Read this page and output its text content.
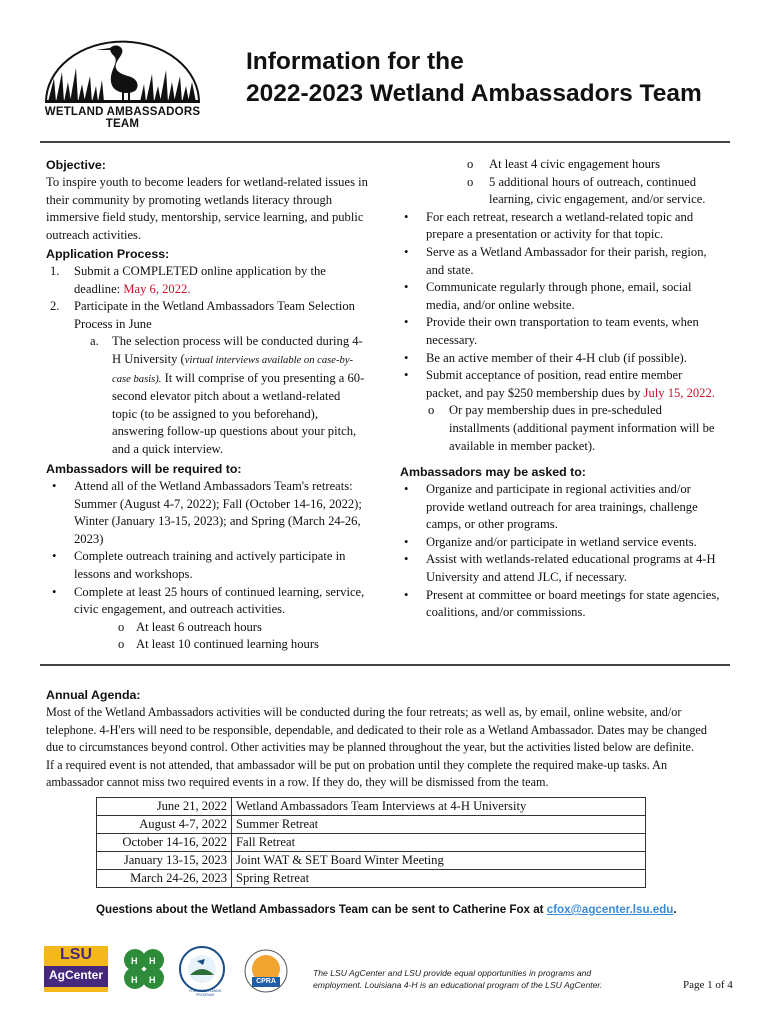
WETLAND AMBASSADORS TEAM
Information for the
2022-2023 Wetland Ambassadors Team
Objective:
To inspire youth to become leaders for wetland-related issues in
their community by promoting wetlands literacy through
immersive field study, mentorship, service learning, and public
outreach activities.
Application Process:
1. Submit a COMPLETED online application by the
deadline: May 6, 2022.
2. Participate in the Wetland Ambassadors Team Selection
Process in June
a. The selection process will be conducted during 4-
H University (virtual interviews available on case-by-
case basis). It will comprise of you presenting a 60-
second elevator pitch about a wetland-related
topic (to be assigned to you beforehand),
answering follow-up questions about your pitch,
and a quick interview.
Ambassadors will be required to:
• Attend all of the Wetland Ambassadors Team's retreats:
Summer (August 4-7, 2022); Fall (October 14-16, 2022);
Winter (January 13-15, 2023); and Spring (March 24-26,
2023)
• Complete outreach training and actively participate in
lessons and workshops.
• Complete at least 25 hours of continued learning, service,
civic engagement, and outreach activities.
o At least 6 outreach hours
o At least 10 continued learning hours
o At least 4 civic engagement hours
o 5 additional hours of outreach, continued
learning, civic engagement, and/or service.
• For each retreat, research a wetland-related topic and
prepare a presentation or activity for that topic.
• Serve as a Wetland Ambassador for their parish, region,
and state.
• Communicate regularly through phone, email, social
media, and/or online website.
• Provide their own transportation to team events, when
necessary.
• Be an active member of their 4-H club (if possible).
• Submit acceptance of position, read entire member
packet, and pay $250 membership dues by July 15, 2022.
o Or pay membership dues in pre-scheduled
installments (additional payment information will be
available in member packet).
Ambassadors may be asked to:
• Organize and participate in regional activities and/or
provide wetland outreach for area trainings, challenge
camps, or other programs.
• Organize and/or participate in wetland service events.
• Assist with wetlands-related educational programs at 4-H
University and attend JLC, if necessary.
• Present at committee or board meetings for state agencies,
coalitions, and/or commissions.
Annual Agenda:
Most of the Wetland Ambassadors activities will be conducted during the four retreats; as well as, by email, online website, and/or
telephone. 4-H'ers will need to be responsible, dependable, and dedicated to their role as a Wetland Ambassador. Dates may be changed
due to circumstances beyond control. Other activities may be planned throughout the year, but the activities listed below are definite.
If a required event is not attended, that ambassador will be put on probation until they complete the required make-up tasks. An
ambassador cannot miss two required events in a row. If they do, they will be dismissed from the team.
June 21, 2022	Wetland Ambassadors Team Interviews at 4-H University
August 4-7, 2022	Summer Retreat
October 14-16, 2022	Fall Retreat
January 13-15, 2023	Joint WAT & SET Board Winter Meeting
March 24-26, 2023	Spring Retreat
Questions about the Wetland Ambassadors Team can be sent to Catherine Fox at cfox@agcenter.lsu.edu.
H H
H H
LSU
AgCenter
YOUTH WETLANDS PROGRAM
CPRA
The LSU AgCenter and LSU provide equal opportunities in programs and
employment. Louisiana 4-H is an educational program of the LSU AgCenter.	Page 1 of 4
